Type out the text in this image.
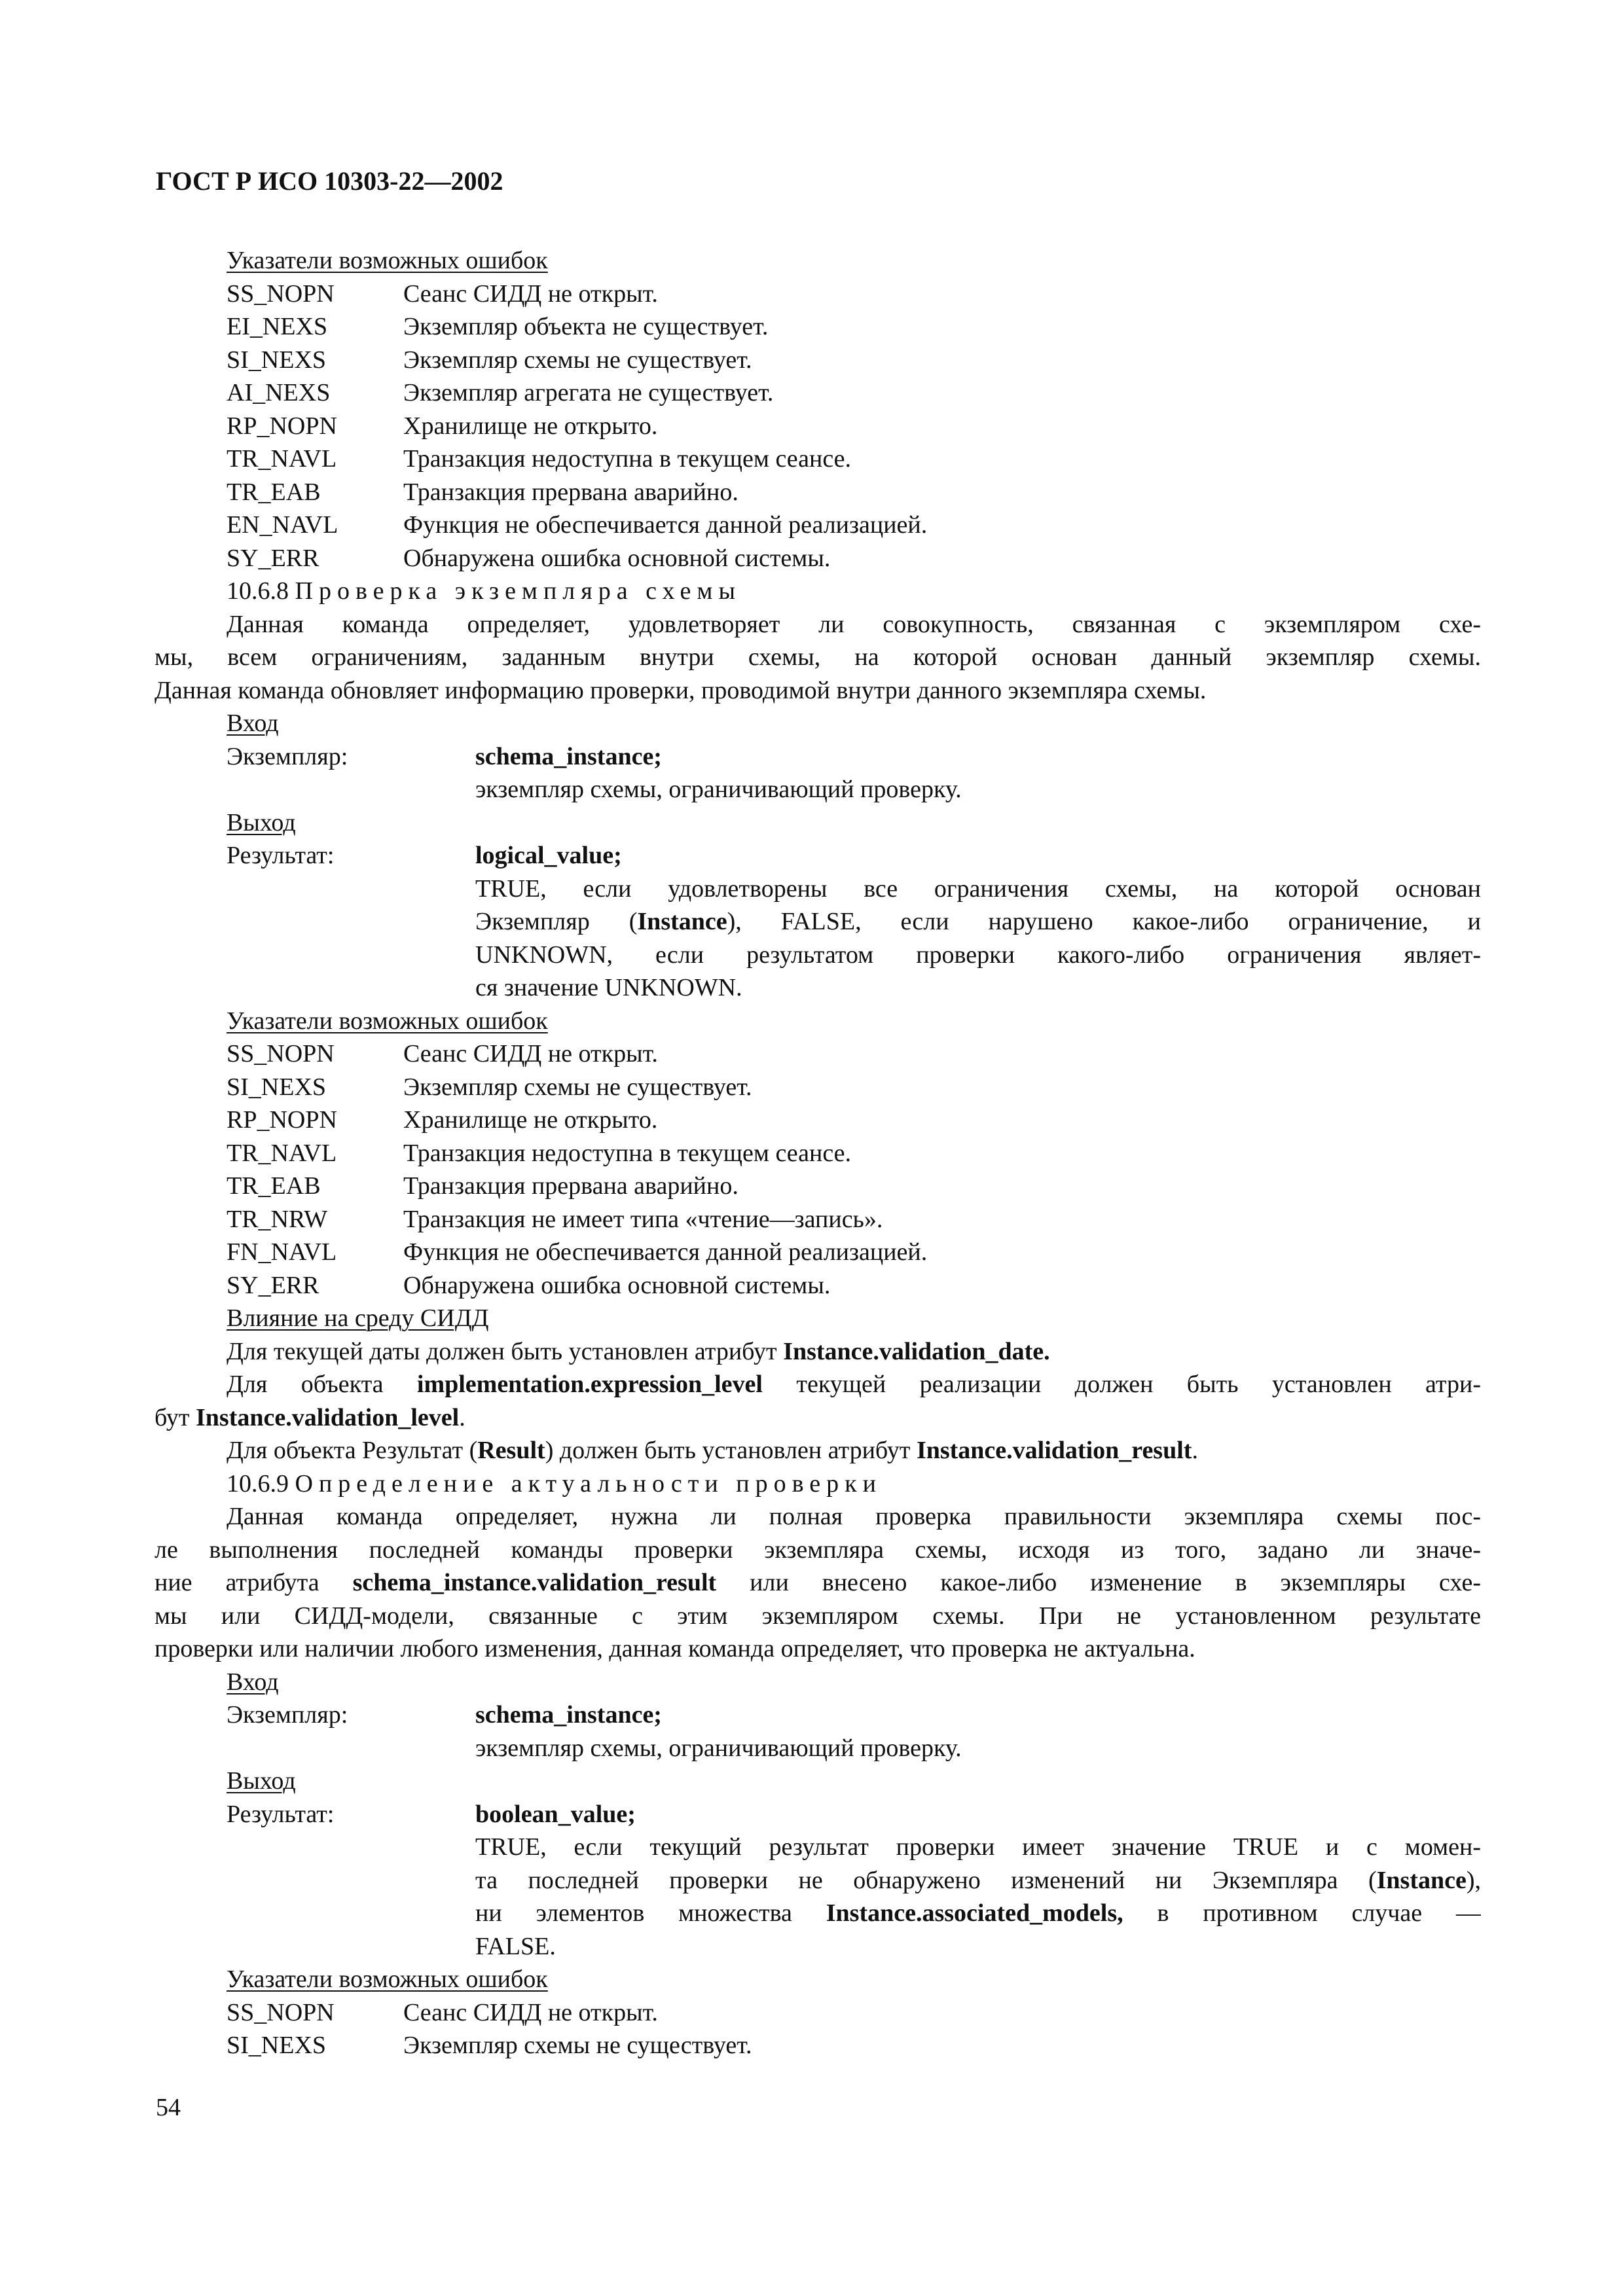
ГОСТ Р ИСО 10303-22—2002
Указатели возможных ошибок
SS_NOPN	Сеанс СИДД не открыт.
EI_NEXS	Экземпляр объекта не существует.
SI_NEXS	Экземпляр схемы не существует.
AI_NEXS	Экземпляр агрегата не существует.
RP_NOPN	Хранилище не открыто.
TR_NAVL	Транзакция недоступна в текущем сеансе.
TR_EAB	Транзакция прервана аварийно.
EN_NAVL	Функция не обеспечивается данной реализацией.
SY_ERR	Обнаружена ошибка основной системы.
10.6.8 Проверка экземпляра схемы
Данная команда определяет, удовлетворяет ли совокупность, связанная с экземпляром схе-
мы, всем ограничениям, заданным внутри схемы, на которой основан данный экземпляр схемы.
Данная команда обновляет информацию проверки, проводимой внутри данного экземпляра схемы.
Вход
Экземпляр:	schema_instance;
экземпляр схемы, ограничивающий проверку.
Выход
Результат:	logical_value;
TRUE, если удовлетворены все ограничения схемы, на которой основан
Экземпляр (Instance), FALSE, если нарушено какое-либо ограничение, и
UNKNOWN, если результатом проверки какого-либо ограничения являет-
ся значение UNKNOWN.
Указатели возможных ошибок
SS_NOPN	Сеанс СИДД не открыт.
SI_NEXS	Экземпляр схемы не существует.
RP_NOPN	Хранилище не открыто.
TR_NAVL	Транзакция недоступна в текущем сеансе.
TR_EAB	Транзакция прервана аварийно.
TR_NRW	Транзакция не имеет типа «чтение—запись».
FN_NAVL	Функция не обеспечивается данной реализацией.
SY_ERR	Обнаружена ошибка основной системы.
Влияние на среду СИДД
Для текущей даты должен быть установлен атрибут Instance.validation_date.
Для объекта implementation.expression_level текущей реализации должен быть установлен атри-
бут Instance.validation_level.
Для объекта Результат (Result) должен быть установлен атрибут Instance.validation_result.
10.6.9 Определение актуальности проверки
Данная команда определяет, нужна ли полная проверка правильности экземпляра схемы пос-
ле выполнения последней команды проверки экземпляра схемы, исходя из того, задано ли значе-
ние атрибута schema_instance.validation_result или внесено какое-либо изменение в экземпляры схе-
мы или СИДД-модели, связанные с этим экземпляром схемы. При не установленном результате
проверки или наличии любого изменения, данная команда определяет, что проверка не актуальна.
Вход
Экземпляр:	schema_instance;
экземпляр схемы, ограничивающий проверку.
Выход
Результат:	boolean_value;
TRUE, если текущий результат проверки имеет значение TRUE и с момен-
та последней проверки не обнаружено изменений ни Экземпляра (Instance),
ни элементов множества Instance.associated_models, в противном случае —
FALSE.
Указатели возможных ошибок
SS_NOPN	Сеанс СИДД не открыт.
SI_NEXS	Экземпляр схемы не существует.
54
